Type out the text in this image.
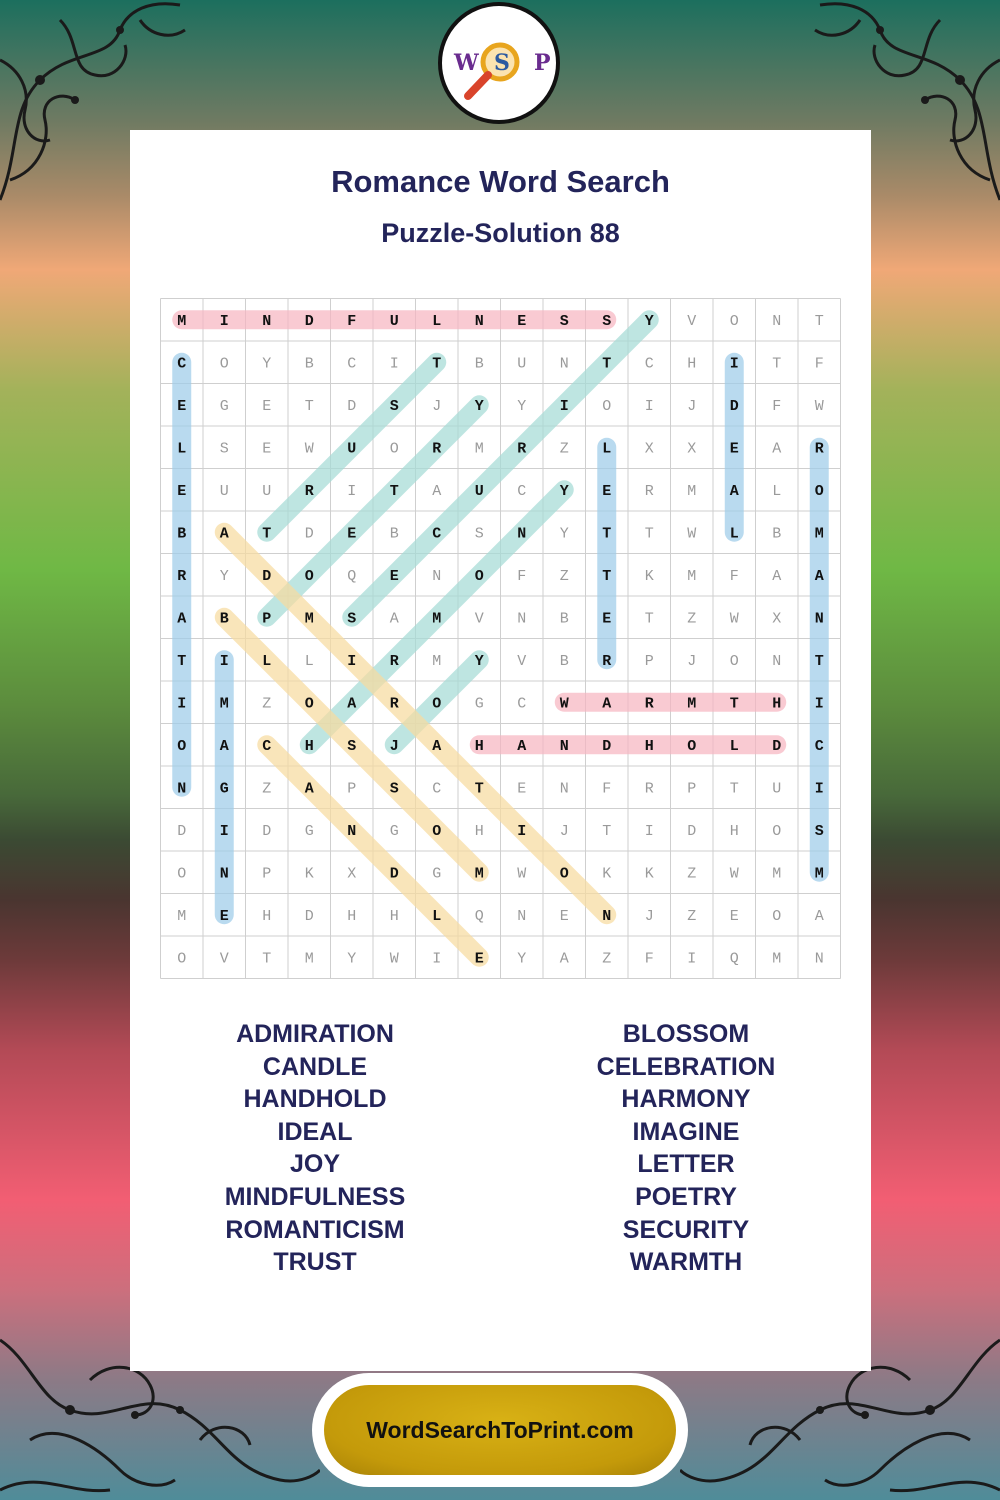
W S P
Romance Word Search
Puzzle-Solution 88
M I N D F U L N E S S Y V O N T
C O Y B C I T B U N T C H I T F
E G E T D S J Y Y I O I J D F W
L S E W U O R M R Z L X X E A R
E U U R I T A U C Y E R M A L O
B A T D E B C S N Y T T W L B M
R Y D O Q E N O F Z T K M F A A
A B P M S A M V N B E T Z W X N
T I L L I R M Y V B R P J O N T
I M Z O A R O G C W A R M T H I
O A C H S J A H A N D H O L D C
N G Z A P S C T E N F R P T U I
D I D G N G O H I J T I D H O S
O N P K X D G M W O K K Z W M M
M E H D H H L Q N E N J Z E O A
O V T M Y W I E Y A Z F I Q M N
ADMIRATION
CANDLE
HANDHOLD
IDEAL
JOY
MINDFULNESS
ROMANTICISM
TRUST
BLOSSOM
CELEBRATION
HARMONY
IMAGINE
LETTER
POETRY
SECURITY
WARMTH
WordSearchToPrint.com
